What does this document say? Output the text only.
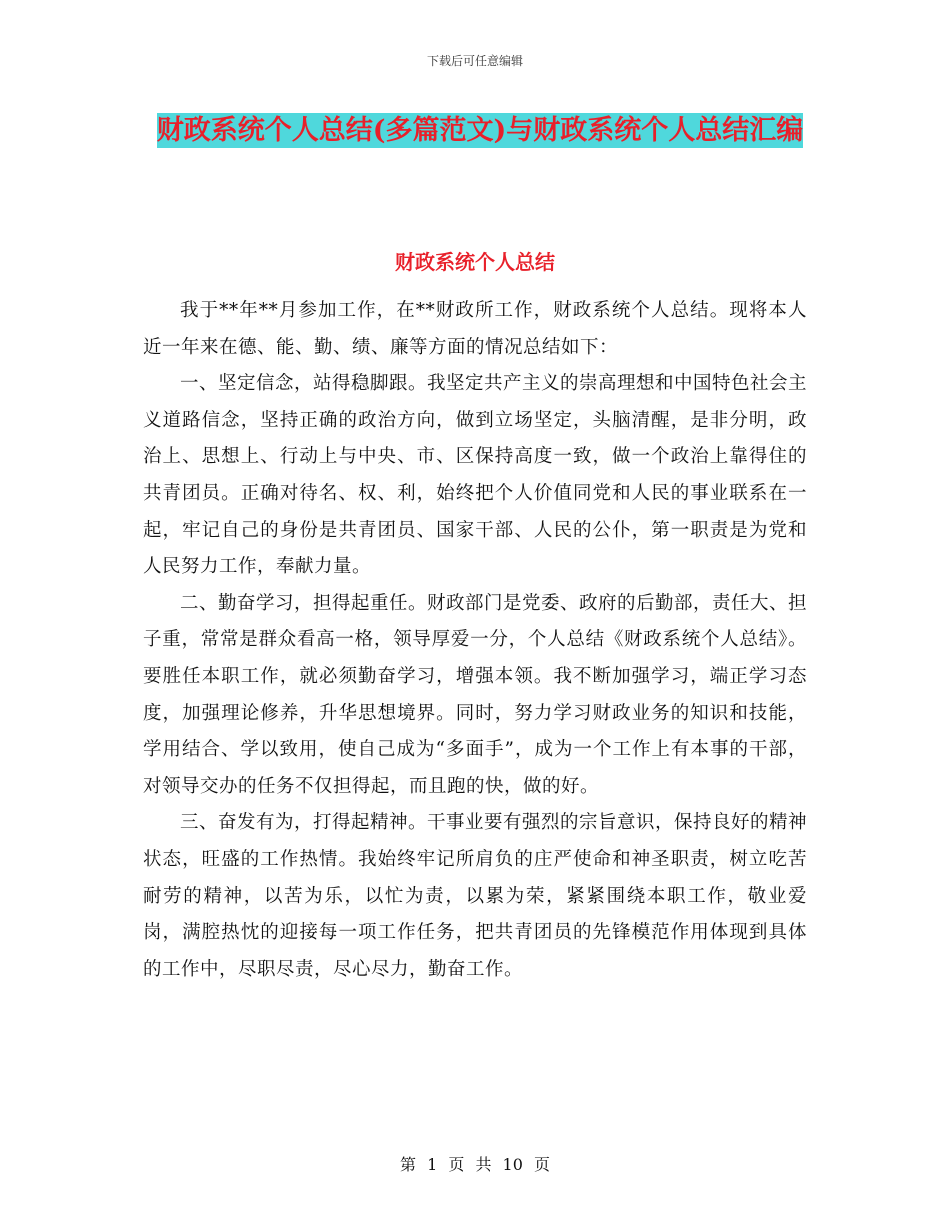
下载后可任意编辑
财政系统个人总结(多篇范文)与财政系统个人总结汇编
财政系统个人总结

我于**年**月参加工作，在**财政所工作，财政系统个人总结。现将本人近一年来在德、能、勤、绩、廉等方面的情况总结如下：

一、坚定信念，站得稳脚跟。我坚定共产主义的崇高理想和中国特色社会主义道路信念，坚持正确的政治方向，做到立场坚定，头脑清醒，是非分明，政治上、思想上、行动上与中央、市、区保持高度一致，做一个政治上靠得住的共青团员。正确对待名、权、利，始终把个人价值同党和人民的事业联系在一起，牢记自己的身份是共青团员、国家干部、人民的公仆，第一职责是为党和人民努力工作，奉献力量。

二、勤奋学习，担得起重任。财政部门是党委、政府的后勤部，责任大、担子重，常常是群众看高一格，领导厚爱一分，个人总结《财政系统个人总结》。 要胜任本职工作，就必须勤奋学习，增强本领。我不断加强学习，端正学习态度，加强理论修养，升华思想境界。同时，努力学习财政业务的知识和技能，学用结合、学以致用，使自己成为“多面手”，成为一个工作上有本事的干部，对领导交办的任务不仅担得起，而且跑的快，做的好。

三、奋发有为，打得起精神。干事业要有强烈的宗旨意识，保持良好的精神状态，旺盛的工作热情。我始终牢记所肩负的庄严使命和神圣职责，树立吃苦耐劳的精神，以苦为乐，以忙为责，以累为荣，紧紧围绕本职工作，敬业爱岗，满腔热忱的迎接每一项工作任务，把共青团员的先锋模范作用体现到具体的工作中，尽职尽责，尽心尽力，勤奋工作。

第 1 页 共 10 页
